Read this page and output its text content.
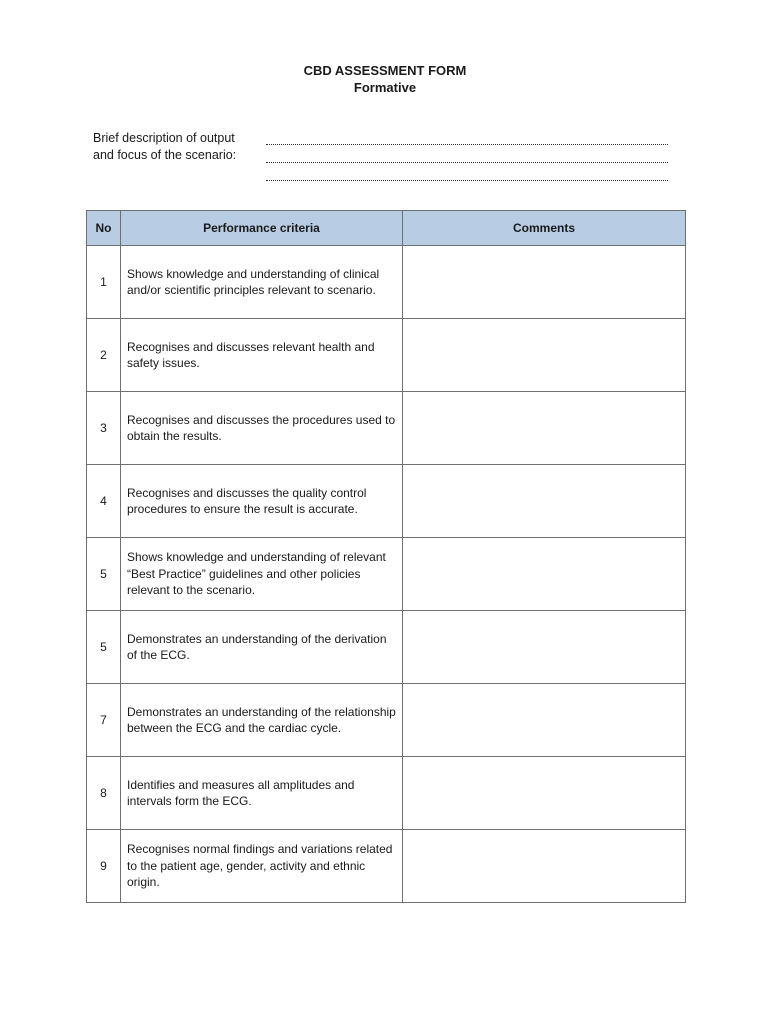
CBD ASSESSMENT FORM
Formative
Brief description of output
and focus of the scenario:
No	Performance criteria	Comments
1	Shows knowledge and understanding of clinical and/or scientific principles relevant to scenario.	
2	Recognises and discusses relevant health and safety issues.	
3	Recognises and discusses the procedures used to obtain the results.	
4	Recognises and discusses the quality control procedures to ensure the result is accurate.	
5	Shows knowledge and understanding of relevant “Best Practice” guidelines and other policies relevant to the scenario.	
5	Demonstrates an understanding of the derivation of the ECG.	
7	Demonstrates an understanding of the relationship between the ECG and the cardiac cycle.	
8	Identifies and measures all amplitudes and intervals form the ECG.	
9	Recognises normal findings and variations related to the patient age, gender, activity and ethnic origin.	
